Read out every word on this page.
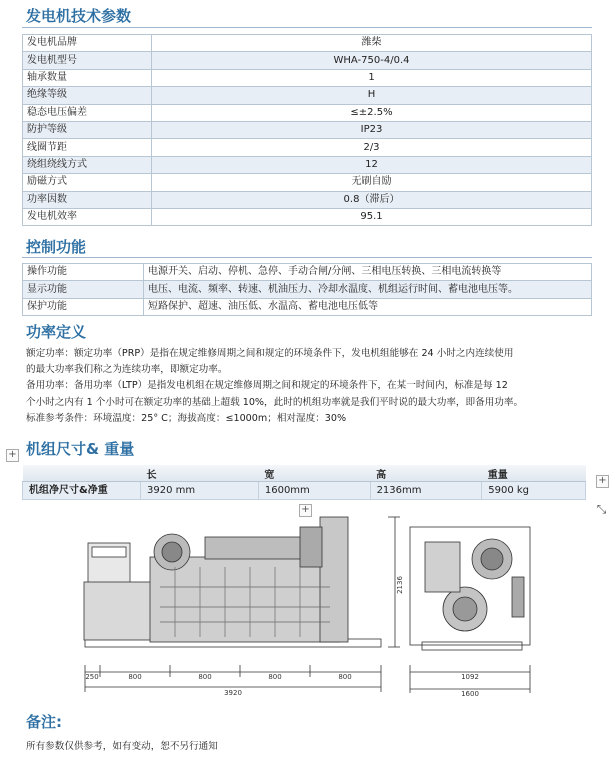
发电机技术参数
发电机品牌	潍柴
发电机型号	WHA-750-4/0.4
轴承数量	1
绝缘等级	H
稳态电压偏差	≤±2.5%
防护等级	IP23
线圈节距	2/3
绕组绕线方式	12
励磁方式	无刷自励
功率因数	0.8（滞后）
发电机效率	95.1
控制功能
操作功能	电源开关、启动、停机、急停、手动合闸/分闸、三相电压转换、三相电流转换等
显示功能	电压、电流、频率、转速、机油压力、冷却水温度、机组运行时间、蓄电池电压等。
保护功能	短路保护、超速、油压低、水温高、蓄电池电压低等
功率定义
额定功率：额定功率（PRP）是指在规定维修周期之间和规定的环境条件下，发电机组能够在 24 小时之内连续使用
的最大功率我们称之为连续功率，即额定功率。
备用功率：备用功率（LTP）是指发电机组在规定维修周期之间和规定的环境条件下，在某一时间内，标准是每 12
个小时之内有 1 个小时可在额定功率的基础上超载 10%，此时的机组功率就是我们平时说的最大功率，即备用功率。
标准参考条件：环境温度：25° C；海拔高度：≤1000m；相对湿度：30%
+ 机组尺寸& 重量
	长	宽	高	重量
机组净尺寸&净重	3920 mm	1600mm	2136mm	5900 kg
+
⤡
+
250	800	800	800	800
3920
2136
1092
1600
备注:
所有参数仅供参考，如有变动，恕不另行通知
